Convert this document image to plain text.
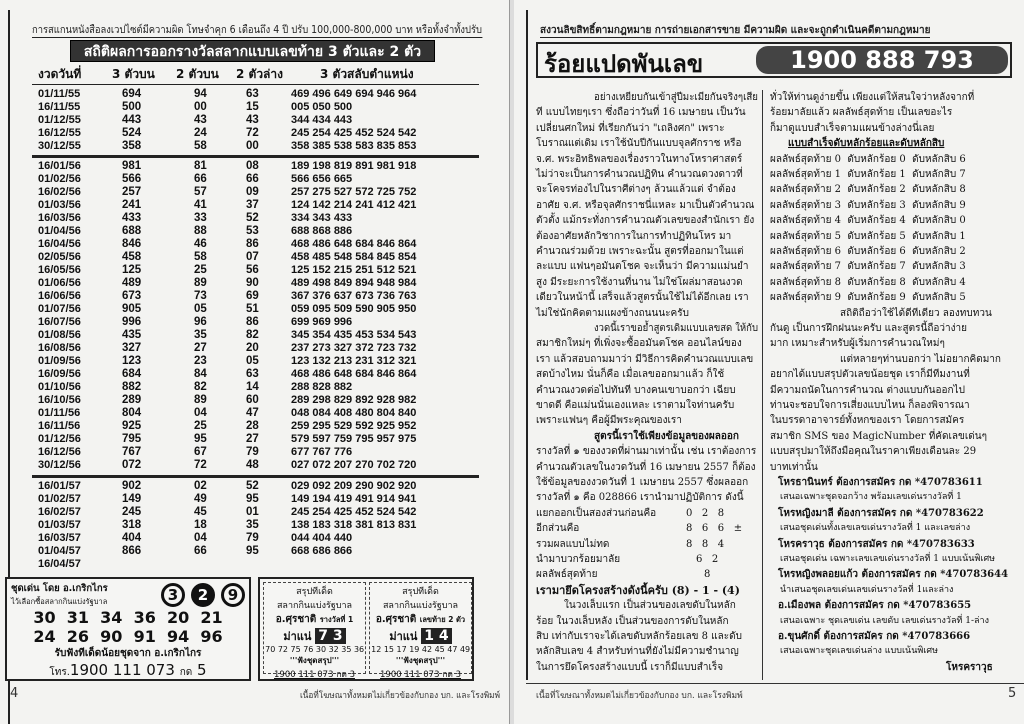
การสแกนหนังสือลงเวปไซต์มีความผิด โทษจำคุก 6 เดือนถึง 4 ปี ปรับ 100,000-800,000 บาท หรือทั้งจำทั้งปรับ
สถิติผลการออกรางวัลสลากแบบเลขท้าย 3 ตัวและ 2 ตัว
งวดวันที่	3 ตัวบน 2 ตัวบน 2 ตัวล่าง	3 ตัวสลับตำแหน่ง
01/11/55	694	94	63	469 496 649 694 946 964
16/11/55	500	00	15	005 050 500
01/12/55	443	43	43	344 434 443
16/12/55	524	24	72	245 254 425 452 524 542
30/12/55	358	58	00	358 385 538 583 835 853
16/01/56	981	81	08	189 198 819 891 981 918
01/02/56	566	66	66	566 656 665
16/02/56	257	57	09	257 275 527 572 725 752
01/03/56	241	41	37	124 142 214 241 412 421
16/03/56	433	33	52	334 343 433
01/04/56	688	88	53	688 868 886
16/04/56	846	46	86	468 486 648 684 846 864
02/05/56	458	58	07	458 485 548 584 845 854
16/05/56	125	25	56	125 152 215 251 512 521
01/06/56	489	89	90	489 498 849 894 948 984
16/06/56	673	73	69	367 376 637 673 736 763
01/07/56	905	05	51	059 095 509 590 905 950
16/07/56	996	96	86	699 969 996
01/08/56	435	35	82	345 354 435 453 534 543
16/08/56	327	27	20	237 273 327 372 723 732
01/09/56	123	23	05	123 132 213 231 312 321
16/09/56	684	84	63	468 486 648 684 846 864
01/10/56	882	82	14	288 828 882
16/10/56	289	89	60	289 298 829 892 928 982
01/11/56	804	04	47	048 084 408 480 804 840
16/11/56	925	25	28	259 295 529 592 925 952
01/12/56	795	95	27	579 597 759 795 957 975
16/12/56	767	67	79	677 767 776
30/12/56	072	72	48	027 072 207 270 702 720
16/01/57	902	02	52	029 092 209 290 902 920
01/02/57	149	49	95	149 194 419 491 914 941
16/02/57	245	45	01	245 254 425 452 524 542
01/03/57	318	18	35	138 183 318 381 813 831
16/03/57	404	04	79	044 404 440
01/04/57	866	66	95	668 686 866
16/04/57
ชุดเด่น โดย อ.เกริกไกร
ไว้เลือกซื้อสลากกินแบ่งรัฐบาล	3	2	9
30  31  34  36  20  21
24  26  90  91  94  96
รับฟังทีเด็ดน้อยชุดจาก อ.เกริกไกร
โทร.1900 111 073 กด 5
สรุปทีเด็ด
สลากกินแบ่งรัฐบาล
อ.ศุรชาติ รางวัลที่ 1
ม่าแน่ 7 3
70 72 75 76 30 32 35 36
'''ฟังชุดสรุป'''
1900 111 073 กด 3
สรุปทีเด็ด
สลากกินแบ่งรัฐบาล
อ.ศุรชาติ เลขท้าย 2 ตัว
ม่าแน่ 1 4
12 15 17 19 42 45 47 49
'''ฟังชุดสรุป'''
1900 111 073 กด 3
4	เนื้อที่โฆษณาทั้งหมดไม่เกี่ยวข้องกับกอง บก. และโรงพิมพ์
สงวนลิขสิทธิ์ตามกฎหมาย การถ่ายเอกสารขาย มีความผิด และจะถูกดำเนินคดีตามกฎหมาย
ร้อยแปดพันเลข	1900 888 793
อย่างเหยียบกันเข้าสู่ปีมะเมียกันจริงๆเสีย
ที แบบไทยๆเรา ซึ่งถือว่าวันที่ 16 เมษายน เป็นวัน
เปลี่ยนศกใหม่ ที่เรียกกันว่า "เถลิงศก" เพราะ
โบราณแต่เดิม เราใช้นับปีกันแบบจุลศักราช หรือ
จ.ศ. พระอิทธิพลของเรื่องราวในทางโหราศาสตร์
ไม่ว่าจะเป็นการคำนวณปฏิทิน คำนวณดวงดาวที่
จะโคจรท่องไปในราศีต่างๆ ล้วนแล้วแต่ จำต้อง
อาศัย จ.ศ. หรือจุลศักราชนี่แหละ มาเป็นตัวคำนวณ
ตัวตั้ง แม้กระทั่งการคำนวณตัวเลขของสำนักเรา ยัง
ต้องอาศัยหลักวิชาการในการทำปฏิทินโหร มา
คำนวณร่วมด้วย เพราะฉะนั้น สูตรที่ออกมาในแต่
ละแบบ แฟนๆอมันตโชค จะเห็นว่า มีความแม่นยำ
สูง มีระยะการใช้งานที่นาน ไม่ใช่โผล่มาสอนงวด
เดียวในหน้านี้ เสร็จแล้วสูตรนั้นใช้ไม่ได้อีกเลย เรา
ไม่ใช่นักคิดตามแผงข้างถนนนะครับ
งวดนี้เราขอย้ำสูตรเดิมแบบเลขสด ให้กับ
สมาชิกใหม่ๆ ที่เพิ่งจะซื้ออมันตโชค ออนไลน์ของ
เรา แล้วสอบถามมาว่า มีวิธีการคิดคำนวณแบบเลข
สดบ้างไหม นั่นก็คือ เมื่อเลขออกมาแล้ว ก็ใช้
คำนวณงวดต่อไปทันที บางคนเขาบอกว่า เฉียบ
ขาดดี คือแม่นนั่นเองแหละ เราตามใจท่านครับ
เพราะแฟนๆ คือผู้มีพระคุณของเรา
สูตรนี้เราใช้เพียงข้อมูลของผลออก
รางวัลที่ ๑ ของงวดที่ผ่านมาเท่านั้น เช่น เราต้องการ
คำนวณตัวเลขในงวดวันที่ 16 เมษายน 2557 ก็ต้อง
ใช้ข้อมูลของงวดวันที่ 1 เมษายน 2557 ซึ่งผลออก
รางวัลที่ ๑ คือ 028866 เรานำมาปฏิบัติการ ดังนี้
แยกออกเป็นสองส่วนก่อนคือ	0   2   8
อีกส่วนคือ	8   6   6   ±
รวมผลแบบไม่ทด	8   8   4
นำมาบวกร้อยมาลัย	6   2
ผลลัพธ์สุดท้าย	8
เรามายึดโครงสร้างดังนี้ครับ (8) - 1 - (4)
ในวงเล็บแรก เป็นส่วนของเลขดับในหลัก
ร้อย ในวงเล็บหลัง เป็นส่วนของการดับในหลัก
สิบ เท่ากับเราจะได้เลขดับหลักร้อยเลข 8 และดับ
หลักสิบเลข 4 สำหรับท่านที่ยังไม่มีความชำนาญ
ในการยึดโครงสร้างแบบนี้ เราก็มีแบบสำเร็จ
ทั่วให้ท่านดูง่ายขึ้น เพียงแต่ให้สนใจว่าหลังจากที่
ร้อยมาลัยแล้ว ผลลัพธ์สุดท้าย เป็นเลขอะไร
ก็มาดูแบบสำเร็จตามแผนข้างล่างนี่เลย
แบบสำเร็จดับหลักร้อยและดับหลักสิบ
ผลลัพธ์สุดท้าย 0  ดับหลักร้อย 0  ดับหลักสิบ 6
ผลลัพธ์สุดท้าย 1  ดับหลักร้อย 1  ดับหลักสิบ 7
ผลลัพธ์สุดท้าย 2  ดับหลักร้อย 2  ดับหลักสิบ 8
ผลลัพธ์สุดท้าย 3  ดับหลักร้อย 3  ดับหลักสิบ 9
ผลลัพธ์สุดท้าย 4  ดับหลักร้อย 4  ดับหลักสิบ 0
ผลลัพธ์สุดท้าย 5  ดับหลักร้อย 5  ดับหลักสิบ 1
ผลลัพธ์สุดท้าย 6  ดับหลักร้อย 6  ดับหลักสิบ 2
ผลลัพธ์สุดท้าย 7  ดับหลักร้อย 7  ดับหลักสิบ 3
ผลลัพธ์สุดท้าย 8  ดับหลักร้อย 8  ดับหลักสิบ 4
ผลลัพธ์สุดท้าย 9  ดับหลักร้อย 9  ดับหลักสิบ 5
สถิติถือว่าใช้ได้ดีทีเดียว ลองทบทวน
กันดู เป็นการฝึกฝนนะครับ และสูตรนี้ถือว่าง่าย
มาก เหมาะสำหรับผู้เริ่มการคำนวณใหม่ๆ
แต่หลายๆท่านบอกว่า ไม่อยากคิดมาก
อยากได้แบบสรุปตัวเลขน้อยชุด เราก็มีทีมงานที่
มีความถนัดในการคำนวณ ต่างแบบกันออกไป
ท่านจะชอบใจการเสี่ยงแบบไหน ก็ลองพิจารณา
ในบรรดาอาจารย์ทั้งหกของเรา โดยการสมัคร
สมาชิก SMS ของ MagicNumber ที่คัดเลขเด่นๆ
แบบสรุปมาให้ถึงมือคุณในราคาเพียงเดือนละ 29
บาทเท่านั้น
โหรธานินทร์ ต้องการสมัคร กด *470783611
เสนอเฉพาะชุดจอกว้าง พร้อมเลขเด่นรางวัลที่ 1
โหรหญิงมาลี ต้องการสมัคร กด *470783622
เสนอชุดเด่นทั้งเลขเลขเด่นรางวัลที่ 1 และเลขล่าง
โหรคราวุธ ต้องการสมัคร กด *470783633
เสนอชุดเด่น เฉพาะเลขเลขเด่นรางวัลที่ 1 แบบเน้นพิเศษ
โหรหญิงพลอยแก้ว ต้องการสมัคร กด *470783644
นำเสนอชุดเลขเด่นเลขเด่นรางวัลที่ 1และล่าง
อ.เมืองพล ต้องการสมัคร กด *470783655
เสนอเฉพาะ ชุดเลขเด่น เลขดับ เลขเด่นรางวัลที่ 1-ล่าง
อ.ขุนศักดิ์ ต้องการสมัคร กด *470783666
เสนอเฉพาะชุดเลขเด่นล่าง แบบเน้นพิเศษ
โหรคราวุธ
เนื้อที่โฆษณาทั้งหมดไม่เกี่ยวข้องกับกอง บก. และโรงพิมพ์	5
